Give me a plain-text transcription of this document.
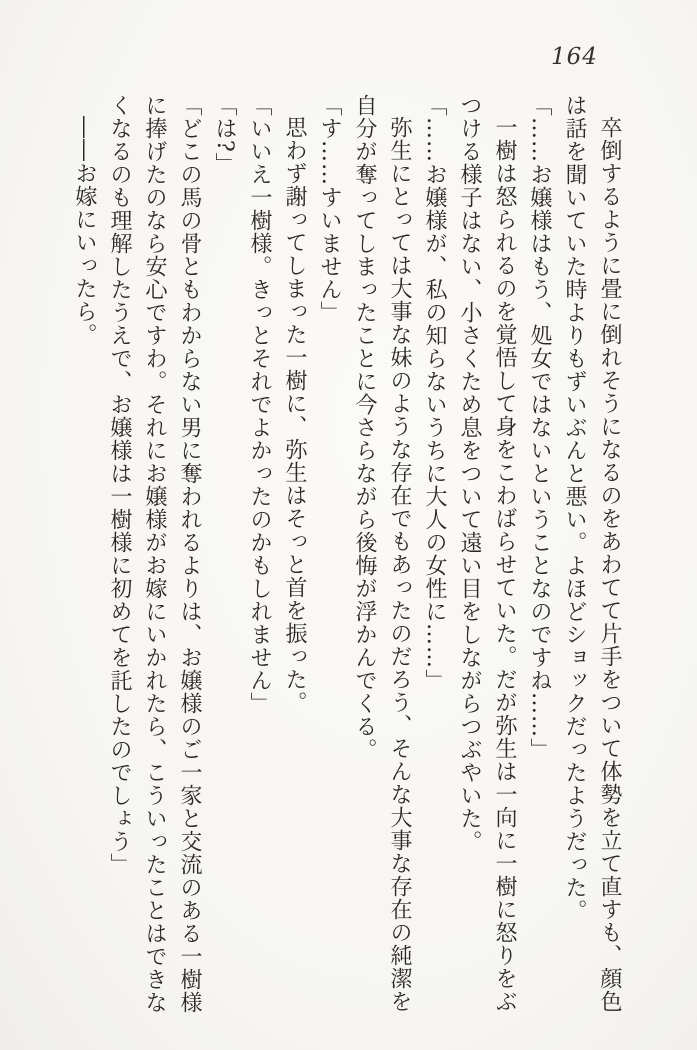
164

卒倒するように畳に倒れそうになるのをあわてて片手をついて体勢を立て直すも、顔色は話を聞いていた時よりもずいぶんと悪い。よほどショックだったようだった。

「……お嬢様はもう、処女ではないということなのですね……」

一樹は怒られるのを覚悟して身をこわばらせていた。だが弥生は一向に一樹に怒りをぶつける様子はない、小さくため息をついて遠い目をしながらつぶやいた。

「……お嬢様が、私の知らないうちに大人の女性に……」

弥生にとっては大事な妹のような存在でもあったのだろう、そんな大事な存在の純潔を自分が奪ってしまったことに今さらながら後悔が浮かんでくる。

「す……すいません」

思わず謝ってしまった一樹に、弥生はそっと首を振った。

「いいえ一樹様。きっとそれでよかったのかもしれません」

「は?」

「どこの馬の骨ともわからない男に奪われるよりは、お嬢様のご一家と交流のある一樹様に捧げたのなら安心ですわ。それにお嬢様がお嫁にいかれたら、こういったことはできなくなるのも理解したうえで、お嬢様は一樹様に初めてを託したのでしょう」

――お嫁にいったら。
